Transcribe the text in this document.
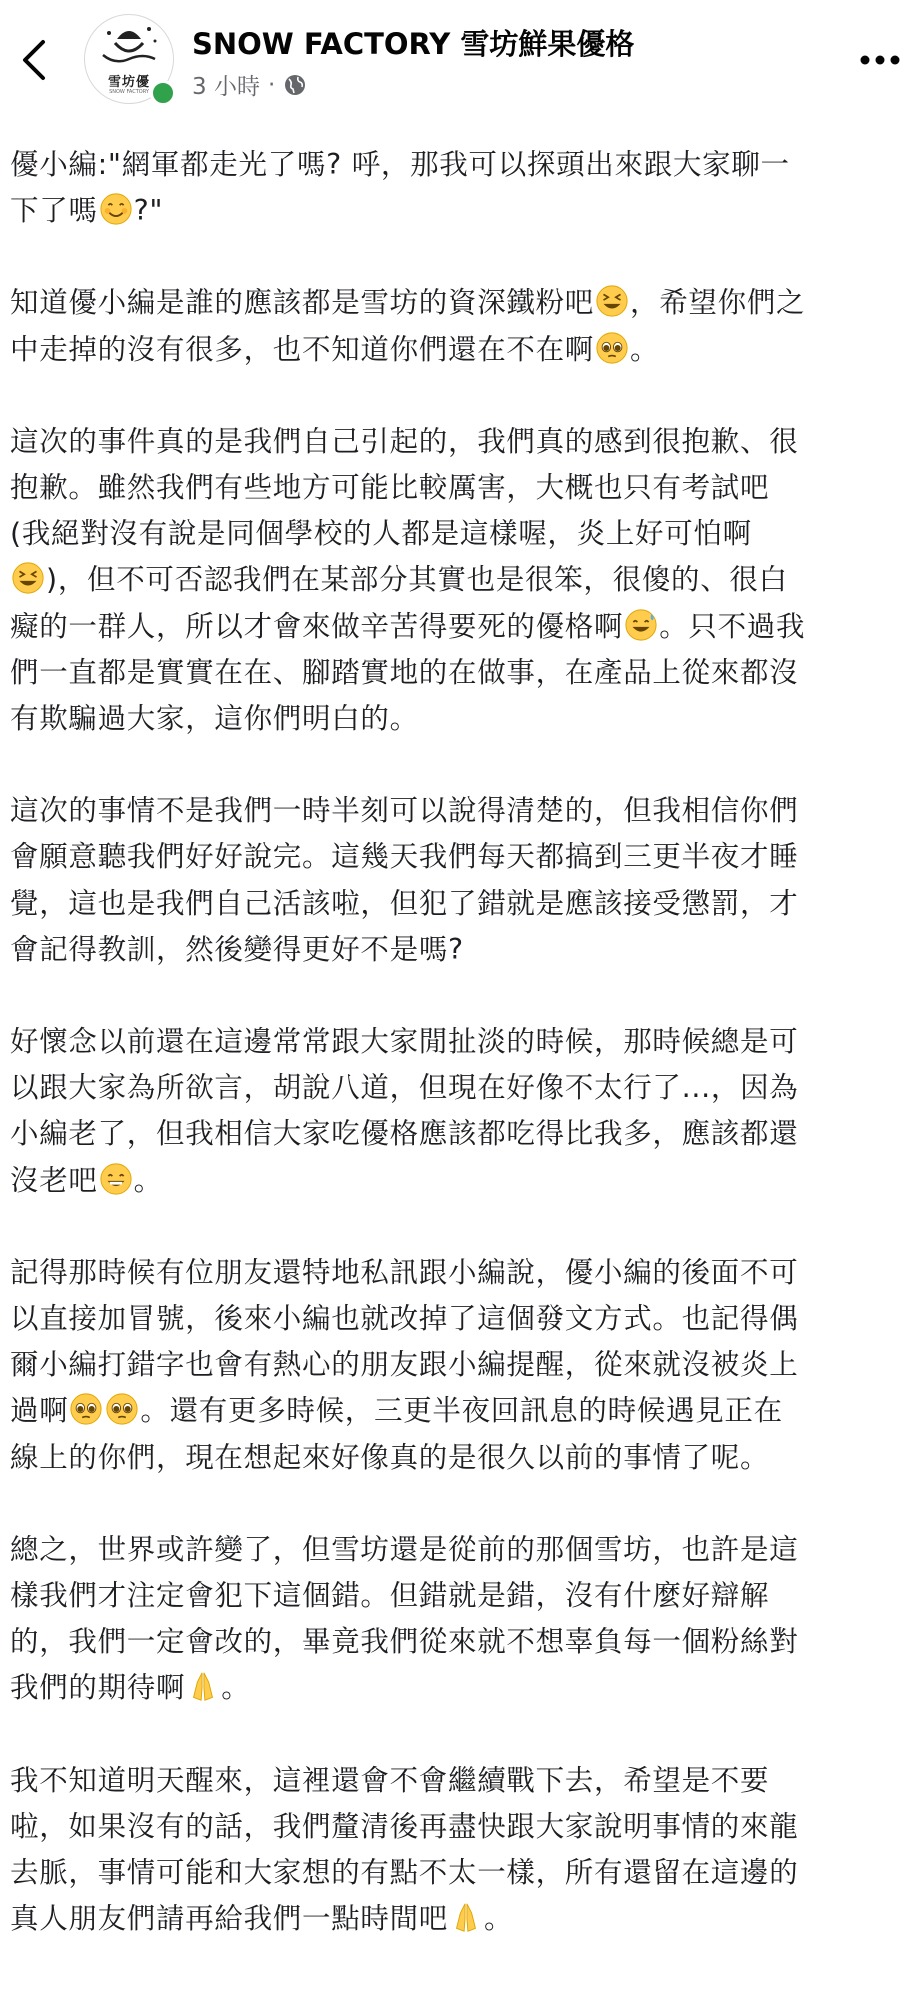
雪坊優
SNOW FACTORY
SNOW FACTORY 雪坊鮮果優格
3 小時 ·
優小編:"網軍都走光了嗎? 呼，那我可以探頭出來跟大家聊一
下了嗎 ?"
知道優小編是誰的應該都是雪坊的資深鐵粉吧 ，希望你們之
中走掉的沒有很多，也不知道你們還在不在啊 。
這次的事件真的是我們自己引起的，我們真的感到很抱歉、很
抱歉。雖然我們有些地方可能比較厲害，大概也只有考試吧
(我絕對沒有說是同個學校的人都是這樣喔，炎上好可怕啊
)，但不可否認我們在某部分其實也是很笨，很傻的、很白
癡的一群人，所以才會來做辛苦得要死的優格啊 。只不過我
們一直都是實實在在、腳踏實地的在做事，在產品上從來都沒
有欺騙過大家，這你們明白的。
這次的事情不是我們一時半刻可以說得清楚的，但我相信你們
會願意聽我們好好說完。這幾天我們每天都搞到三更半夜才睡
覺，這也是我們自己活該啦，但犯了錯就是應該接受懲罰，才
會記得教訓，然後變得更好不是嗎?
好懷念以前還在這邊常常跟大家閒扯淡的時候，那時候總是可
以跟大家為所欲言，胡說八道，但現在好像不太行了...，因為
小編老了，但我相信大家吃優格應該都吃得比我多，應該都還
沒老吧 。
記得那時候有位朋友還特地私訊跟小編說，優小編的後面不可
以直接加冒號，後來小編也就改掉了這個發文方式。也記得偶
爾小編打錯字也會有熱心的朋友跟小編提醒，從來就沒被炎上
過啊	。還有更多時候，三更半夜回訊息的時候遇見正在
線上的你們，現在想起來好像真的是很久以前的事情了呢。
總之，世界或許變了，但雪坊還是從前的那個雪坊，也許是這
樣我們才注定會犯下這個錯。但錯就是錯，沒有什麼好辯解
的，我們一定會改的，畢竟我們從來就不想辜負每一個粉絲對
我們的期待啊 。
我不知道明天醒來，這裡還會不會繼續戰下去，希望是不要
啦，如果沒有的話，我們釐清後再盡快跟大家說明事情的來龍
去脈，事情可能和大家想的有點不太一樣，所有還留在這邊的
真人朋友們請再給我們一點時間吧 。
